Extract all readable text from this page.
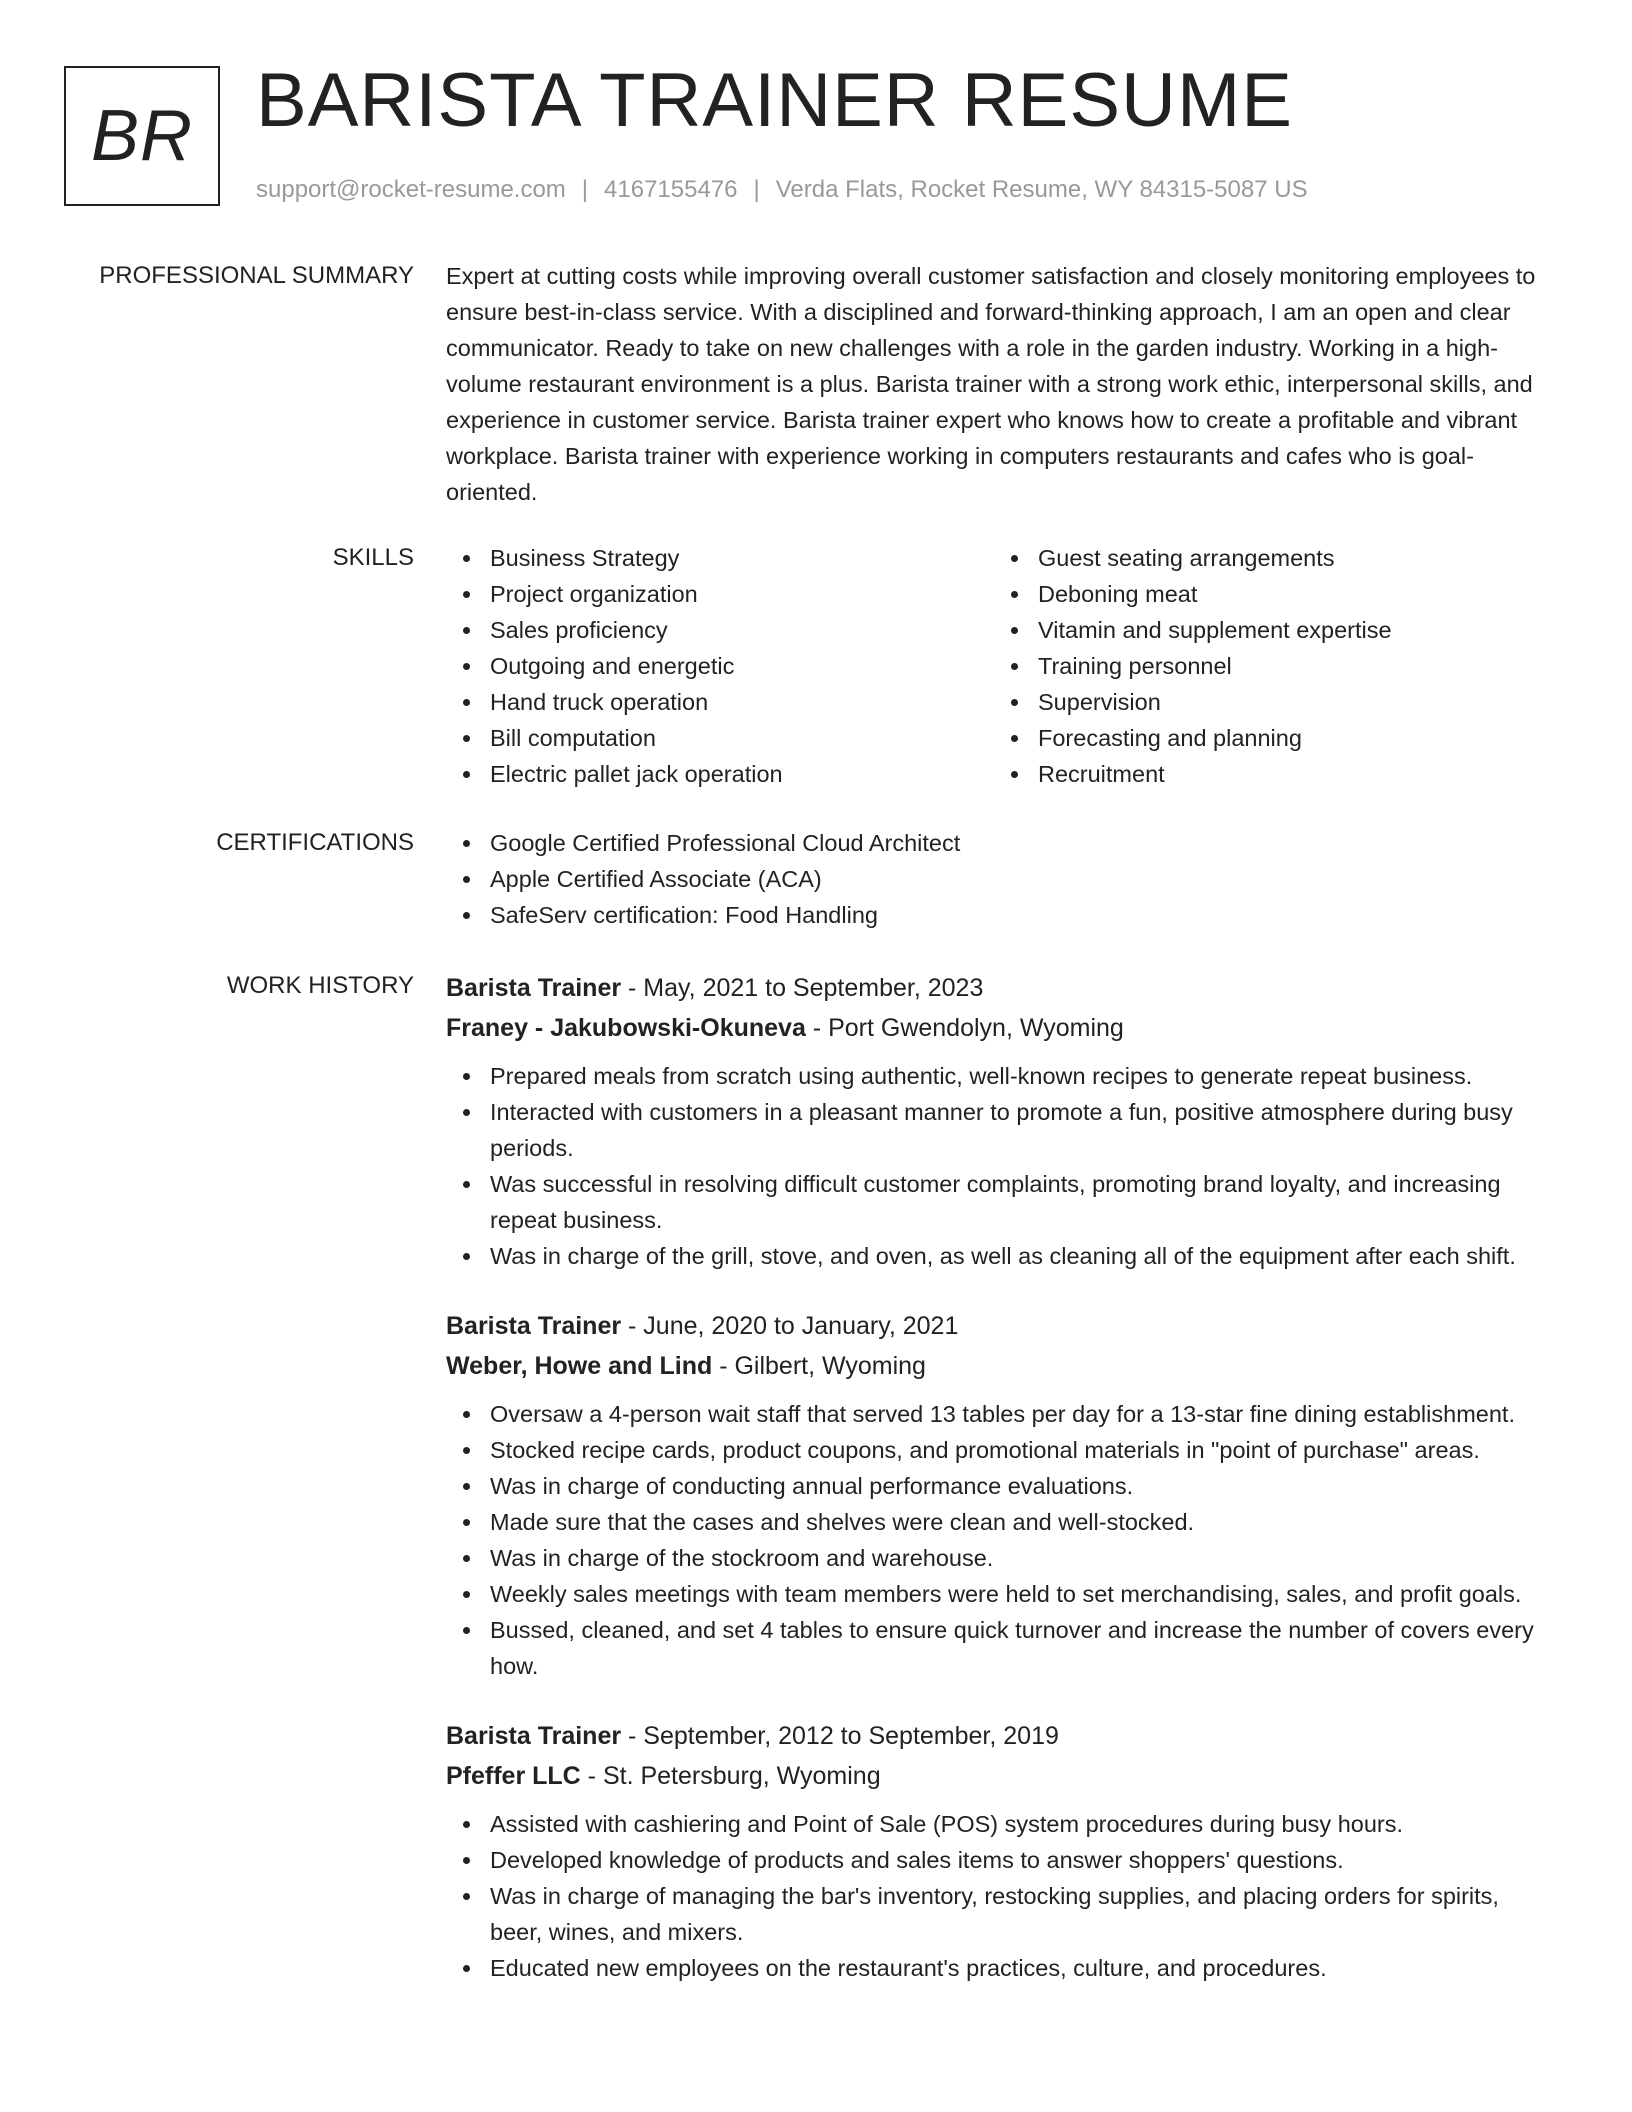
BR BARISTA TRAINER RESUME
support@rocket-resume.com | 4167155476 | Verda Flats, Rocket Resume, WY 84315-5087 US
PROFESSIONAL SUMMARY Expert at cutting costs while improving overall customer satisfaction and closely monitoring employees to ensure best-in-class service. With a disciplined and forward-thinking approach, I am an open and clear communicator. Ready to take on new challenges with a role in the garden industry. Working in a high-volume restaurant environment is a plus. Barista trainer with a strong work ethic, interpersonal skills, and experience in customer service. Barista trainer expert who knows how to create a profitable and vibrant workplace. Barista trainer with experience working in computers restaurants and cafes who is goal-oriented.

SKILLS	Business Strategy
Project organization
Sales proficiency
Outgoing and energetic
Hand truck operation
Bill computation
Electric pallet jack operation
Guest seating arrangements
Deboning meat
Vitamin and supplement expertise
Training personnel
Supervision
Forecasting and planning
Recruitment
CERTIFICATIONS	Google Certified Professional Cloud Architect
Apple Certified Associate (ACA)
SafeServ certification: Food Handling
WORK HISTORY Barista Trainer - May, 2021 to September, 2023
Franey - Jakubowski-Okuneva - Port Gwendolyn, Wyoming
Prepared meals from scratch using authentic, well-known recipes to generate repeat business.
Interacted with customers in a pleasant manner to promote a fun, positive atmosphere during busy periods.
Was successful in resolving difficult customer complaints, promoting brand loyalty, and increasing repeat business.
Was in charge of the grill, stove, and oven, as well as cleaning all of the equipment after each shift.
Barista Trainer - June, 2020 to January, 2021
Weber, Howe and Lind - Gilbert, Wyoming
Oversaw a 4-person wait staff that served 13 tables per day for a 13-star fine dining establishment.
Stocked recipe cards, product coupons, and promotional materials in "point of purchase" areas.
Was in charge of conducting annual performance evaluations.
Made sure that the cases and shelves were clean and well-stocked.
Was in charge of the stockroom and warehouse.
Weekly sales meetings with team members were held to set merchandising, sales, and profit goals.
Bussed, cleaned, and set 4 tables to ensure quick turnover and increase the number of covers every how.
Barista Trainer - September, 2012 to September, 2019
Pfeffer LLC - St. Petersburg, Wyoming
Assisted with cashiering and Point of Sale (POS) system procedures during busy hours.
Developed knowledge of products and sales items to answer shoppers' questions.
Was in charge of managing the bar's inventory, restocking supplies, and placing orders for spirits, beer, wines, and mixers.
Educated new employees on the restaurant's practices, culture, and procedures.
